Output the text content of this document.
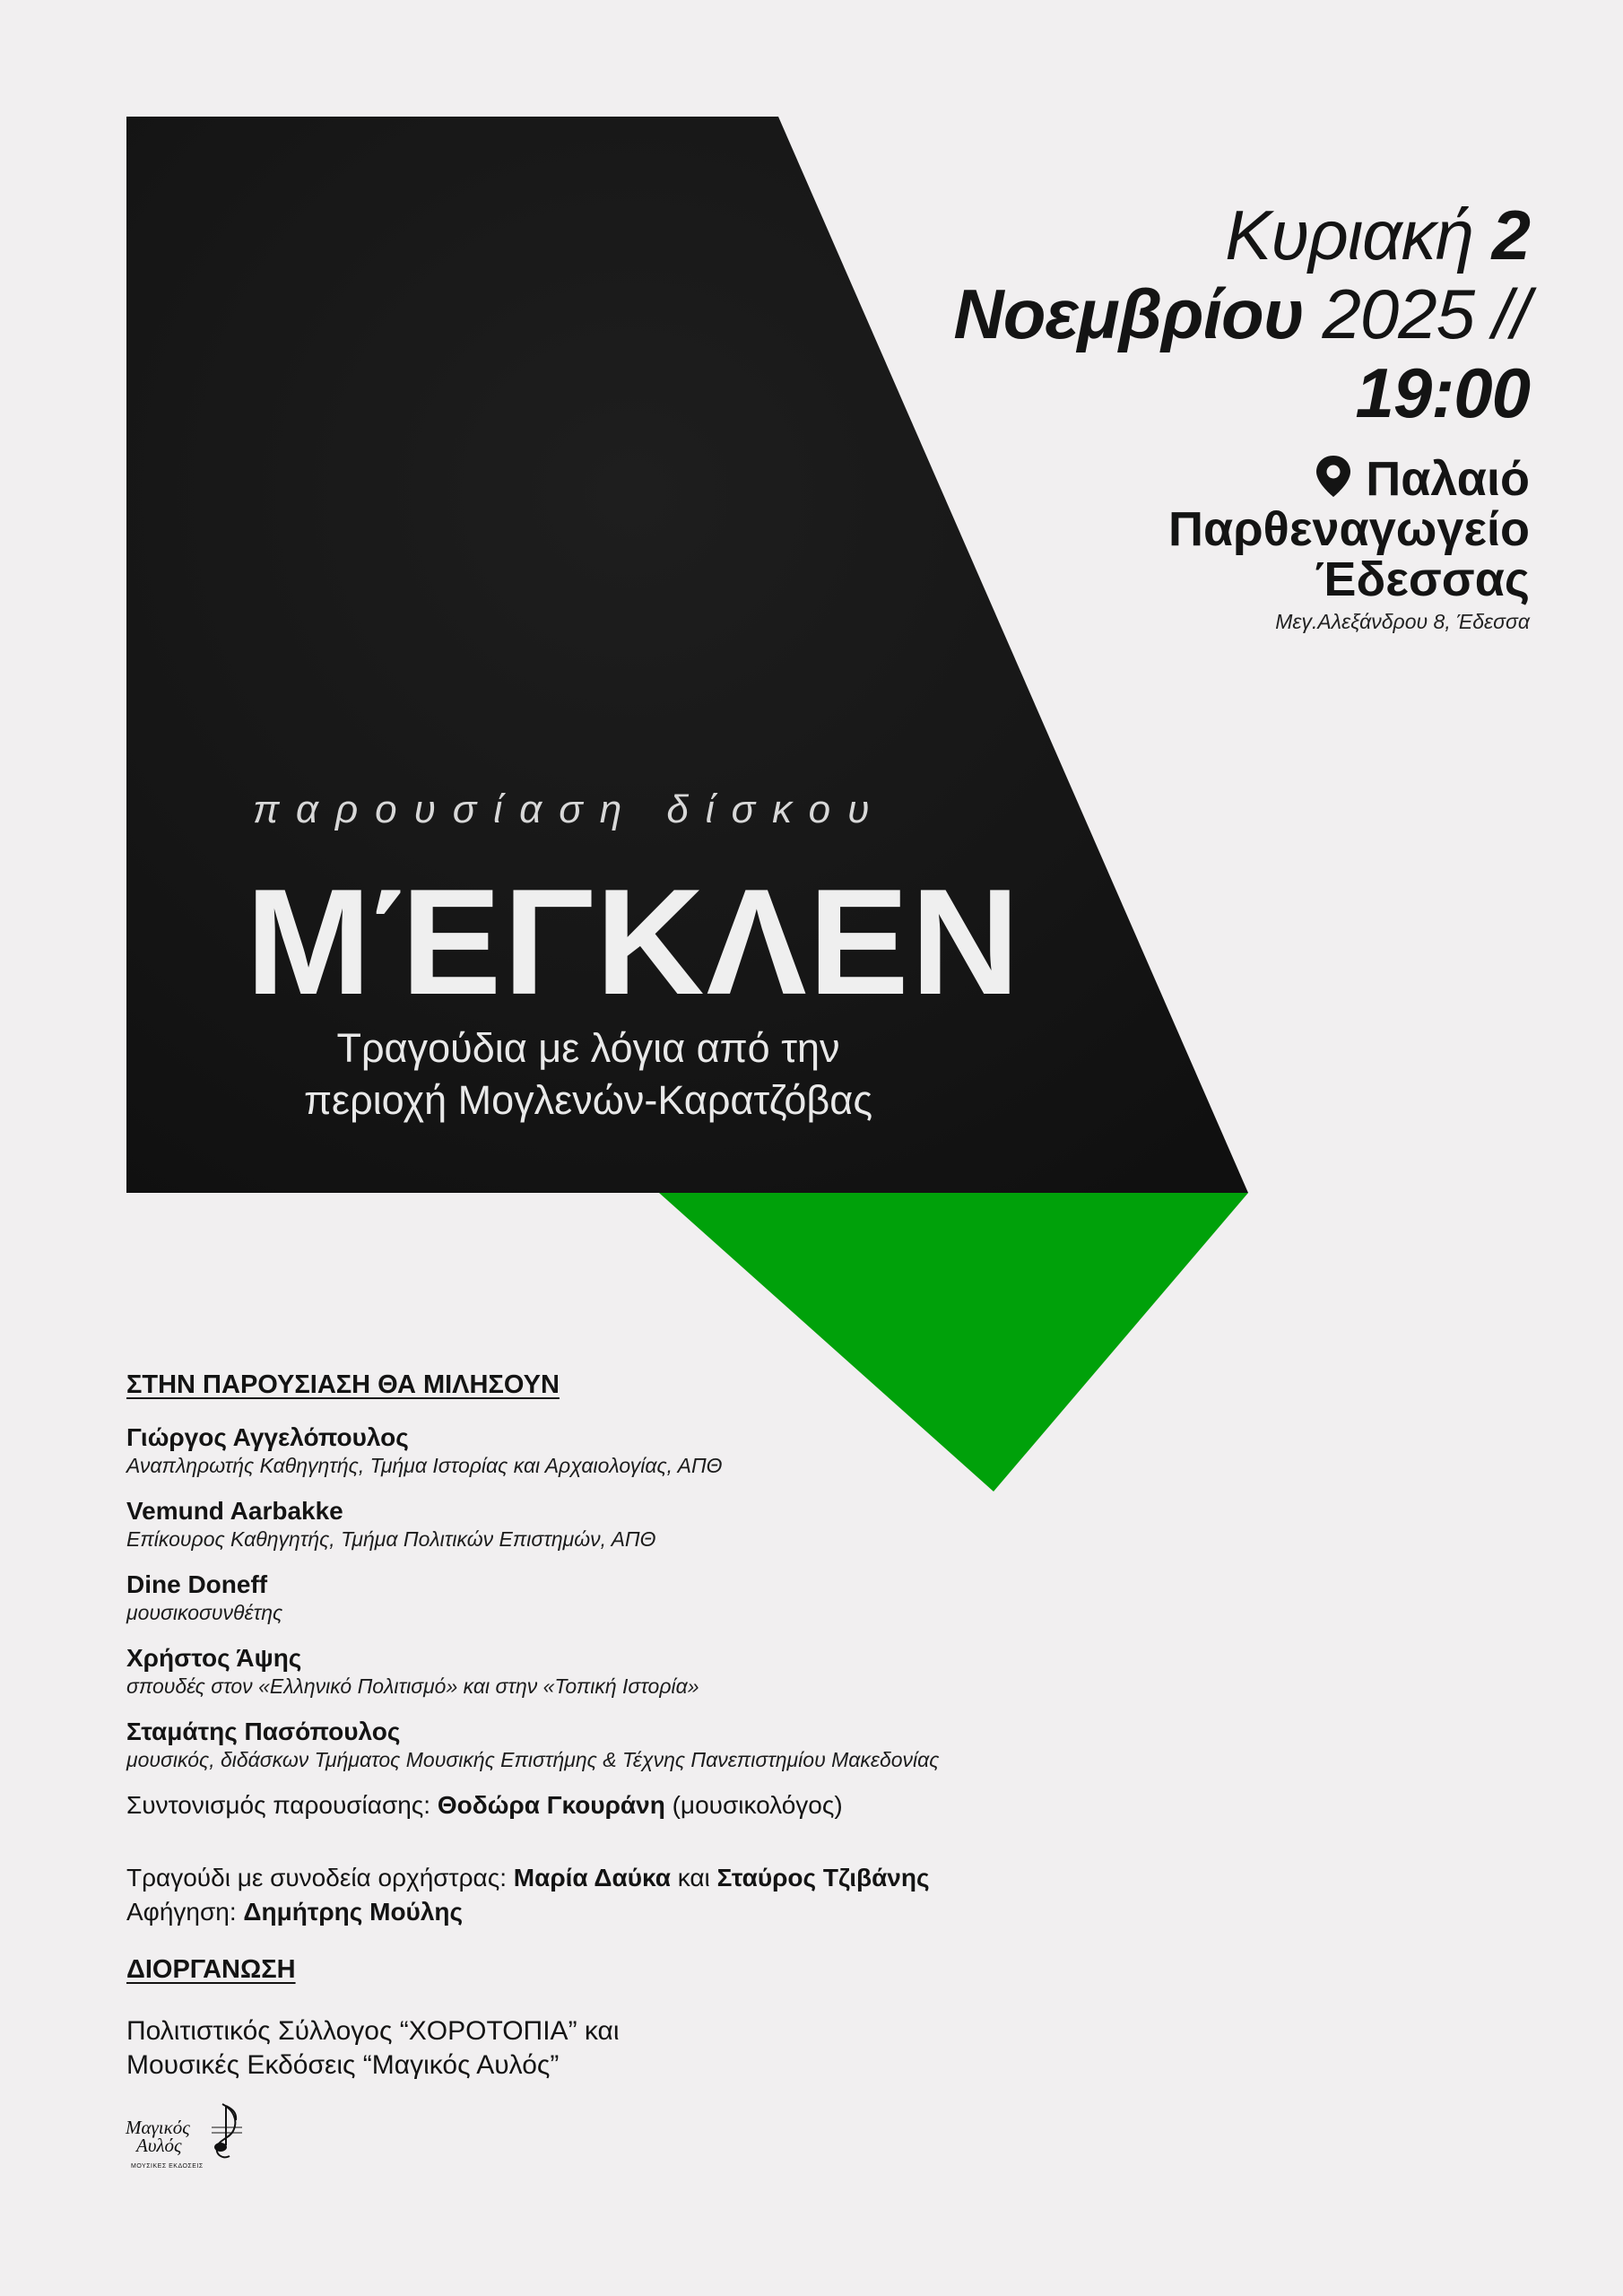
Κυριακή 2
Νοεμβρίου 2025 //
19:00
Παλαιό
Παρθεναγωγείο
Έδεσσας
Μεγ.Αλεξάνδρου 8, Έδεσσα
παρουσίαση δίσκου
ΜΈΓΚΛΕΝ
Τραγούδια με λόγια από την
περιοχή Μογλενών-Καρατζόβας
ΣΤΗΝ ΠΑΡΟΥΣΙΑΣΗ ΘΑ ΜΙΛΗΣΟΥΝ
Γιώργος Αγγελόπουλος
Αναπληρωτής Καθηγητής, Τμήμα Ιστορίας και Αρχαιολογίας, ΑΠΘ
Vemund Aarbakke
Επίκουρος Καθηγητής, Τμήμα Πολιτικών Επιστημών, ΑΠΘ
Dine Doneff
μουσικοσυνθέτης
Χρήστος Άψης
σπουδές στον «Ελληνικό Πολιτισμό» και στην «Τοπική Ιστορία»
Σταμάτης Πασόπουλος
μουσικός, διδάσκων Τμήματος Μουσικής Επιστήμης & Τέχνης Πανεπιστημίου Μακεδονίας
Συντονισμός παρουσίασης: Θοδώρα Γκουράνη (μουσικολόγος)
Τραγούδι με συνοδεία ορχήστρας: Μαρία Δαύκα και Σταύρος Τζιβάνης
Αφήγηση: Δημήτρης Μούλης
ΔΙΟΡΓΑΝΩΣΗ
Πολιτιστικός Σύλλογος “ΧΟΡΟΤΟΠΙΑ” και
Μουσικές Εκδόσεις “Μαγικός Αυλός”
Μαγικός
Αυλός
ΜΟΥΣΙΚΕΣ ΕΚΔΟΣΕΙΣ
